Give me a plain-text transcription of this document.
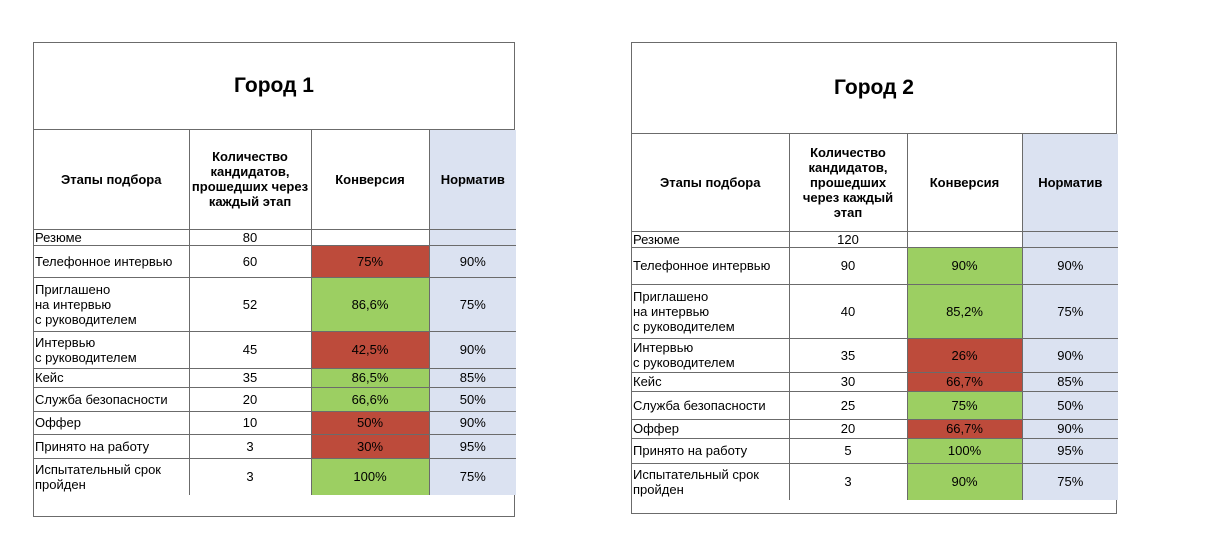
Город 1
Этапы подбора	Количество кандидатов, прошедших через каждый этап	Конверсия	Норматив

Резюме	80		

Телефонное интервью	60	75%	90%

Приглашено
на интервью
с руководителем	52	86,6%	75%

Интервью
с руководителем	45	42,5%	90%

Кейс	35	86,5%	85%

Служба безопасности	20	66,6%	50%

Оффер	10	50%	90%

Принято на работу	3	30%	95%

Испытательный срок
пройден	3	100%	75%
Город 2
Этапы подбора	Количество кандидатов, прошедших через каждый этап	Конверсия	Норматив

Резюме	120		

Телефонное интервью	90	90%	90%

Приглашено
на интервью
с руководителем	40	85,2%	75%

Интервью
с руководителем	35	26%	90%

Кейс	30	66,7%	85%

Служба безопасности	25	75%	50%

Оффер	20	66,7%	90%

Принято на работу	5	100%	95%

Испытательный срок
пройден	3	90%	75%
